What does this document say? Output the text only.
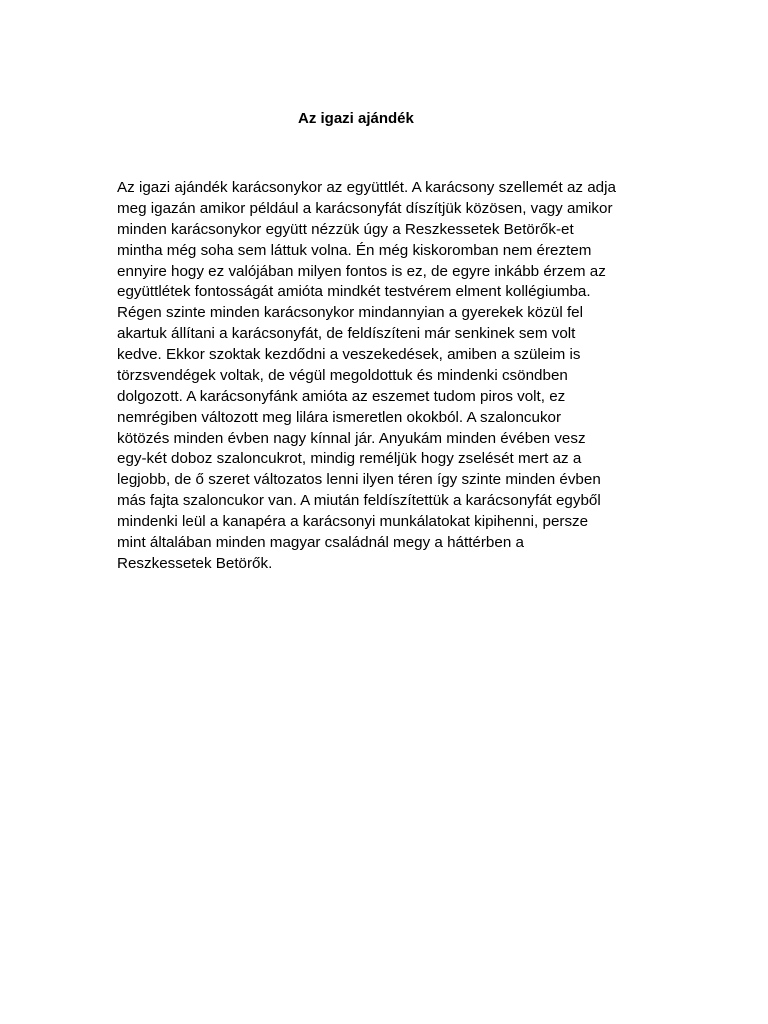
Az igazi ajándék
Az igazi ajándék karácsonykor az együttlét. A karácsony szellemét az adja
meg igazán amikor például a karácsonyfát díszítjük közösen, vagy amikor
minden karácsonykor együtt nézzük úgy a Reszkessetek Betörők-et
mintha még soha sem láttuk volna. Én még kiskoromban nem éreztem
ennyire hogy ez valójában milyen fontos is ez, de egyre inkább érzem az
együttlétek fontosságát amióta mindkét testvérem elment kollégiumba.
Régen szinte minden karácsonykor mindannyian a gyerekek közül fel
akartuk állítani a karácsonyfát, de feldíszíteni már senkinek sem volt
kedve. Ekkor szoktak kezdődni a veszekedések, amiben a szüleim is
törzsvendégek voltak, de végül megoldottuk és mindenki csöndben
dolgozott. A karácsonyfánk amióta az eszemet tudom piros volt, ez
nemrégiben változott meg lilára ismeretlen okokból. A szaloncukor
kötözés minden évben nagy kínnal jár. Anyukám minden évében vesz
egy-két doboz szaloncukrot, mindig reméljük hogy zselését mert az a
legjobb, de ő szeret változatos lenni ilyen téren így szinte minden évben
más fajta szaloncukor van. A miután feldíszítettük a karácsonyfát egyből
mindenki leül a kanapéra a karácsonyi munkálatokat kipihenni, persze
mint általában minden magyar családnál megy a háttérben a
Reszkessetek Betörők.
